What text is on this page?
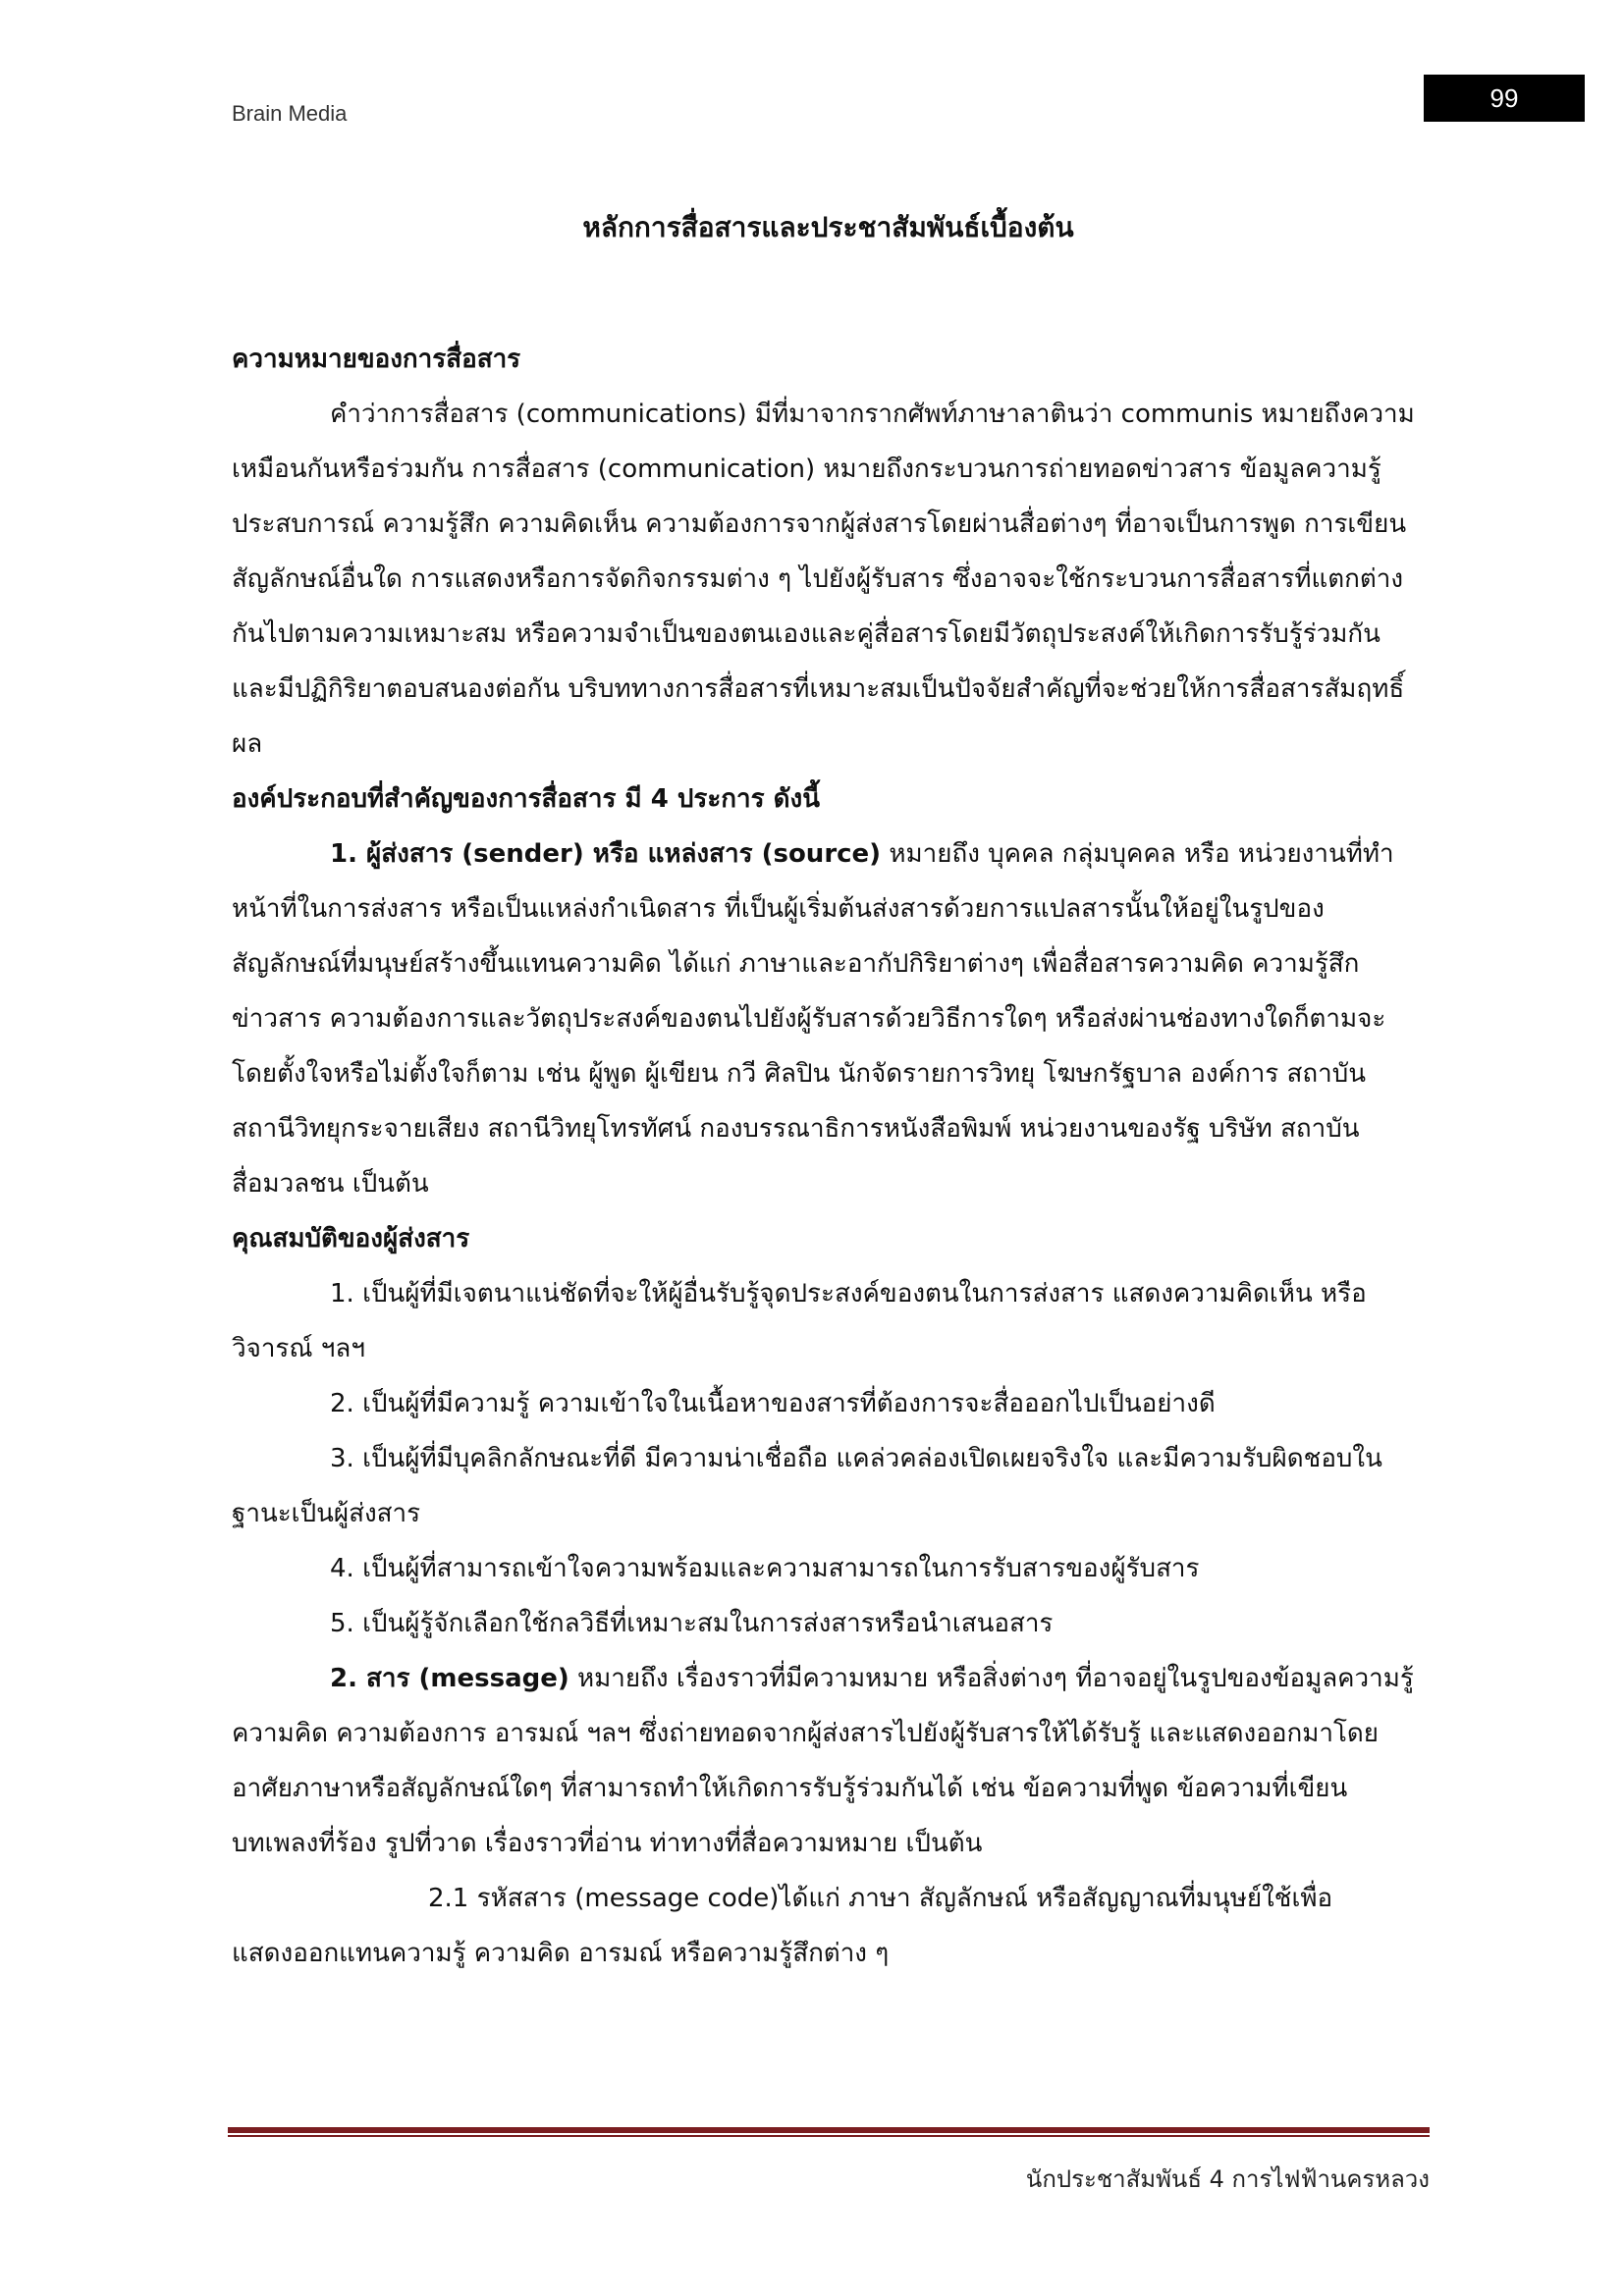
Brain Media
99
หลักการสื่อสารและประชาสัมพันธ์เบื้องต้น

ความหมายของการสื่อสาร

คำว่าการสื่อสาร (communications) มีที่มาจากรากศัพท์ภาษาลาตินว่า communis หมายถึงความเหมือนกันหรือร่วมกัน การสื่อสาร (communication) หมายถึงกระบวนการถ่ายทอดข่าวสาร ข้อมูลความรู้ ประสบการณ์ ความรู้สึก ความคิดเห็น ความต้องการจากผู้ส่งสารโดยผ่านสื่อต่างๆ ที่อาจเป็นการพูด การเขียน สัญลักษณ์อื่นใด การแสดงหรือการจัดกิจกรรมต่าง ๆ ไปยังผู้รับสาร ซึ่งอาจจะใช้กระบวนการสื่อสารที่แตกต่างกันไปตามความเหมาะสม หรือความจำเป็นของตนเองและคู่สื่อสารโดยมีวัตถุประสงค์ให้เกิดการรับรู้ร่วมกันและมีปฏิกิริยาตอบสนองต่อกัน บริบททางการสื่อสารที่เหมาะสมเป็นปัจจัยสำคัญที่จะช่วยให้การสื่อสารสัมฤทธิ์ผล

องค์ประกอบที่สำคัญของการสื่อสาร มี 4 ประการ ดังนี้

1. ผู้ส่งสาร (sender) หรือ แหล่งสาร (source) หมายถึง บุคคล กลุ่มบุคคล หรือ หน่วยงานที่ทำหน้าที่ในการส่งสาร หรือเป็นแหล่งกำเนิดสาร ที่เป็นผู้เริ่มต้นส่งสารด้วยการแปลสารนั้นให้อยู่ในรูปของสัญลักษณ์ที่มนุษย์สร้างขึ้นแทนความคิด ได้แก่ ภาษาและอากัปกิริยาต่างๆ เพื่อสื่อสารความคิด ความรู้สึก ข่าวสาร ความต้องการและวัตถุประสงค์ของตนไปยังผู้รับสารด้วยวิธีการใดๆ หรือส่งผ่านช่องทางใดก็ตามจะโดยตั้งใจหรือไม่ตั้งใจก็ตาม เช่น ผู้พูด ผู้เขียน กวี ศิลปิน นักจัดรายการวิทยุ โฆษกรัฐบาล องค์การ สถาบัน สถานีวิทยุกระจายเสียง สถานีวิทยุโทรทัศน์ กองบรรณาธิการหนังสือพิมพ์ หน่วยงานของรัฐ บริษัท สถาบันสื่อมวลชน เป็นต้น

คุณสมบัติของผู้ส่งสาร

1. เป็นผู้ที่มีเจตนาแน่ชัดที่จะให้ผู้อื่นรับรู้จุดประสงค์ของตนในการส่งสาร แสดงความคิดเห็น หรือวิจารณ์ ฯลฯ

2. เป็นผู้ที่มีความรู้ ความเข้าใจในเนื้อหาของสารที่ต้องการจะสื่อออกไปเป็นอย่างดี

3. เป็นผู้ที่มีบุคลิกลักษณะที่ดี มีความน่าเชื่อถือ แคล่วคล่องเปิดเผยจริงใจ และมีความรับผิดชอบในฐานะเป็นผู้ส่งสาร

4. เป็นผู้ที่สามารถเข้าใจความพร้อมและความสามารถในการรับสารของผู้รับสาร

5. เป็นผู้รู้จักเลือกใช้กลวิธีที่เหมาะสมในการส่งสารหรือนำเสนอสาร

2. สาร (message) หมายถึง เรื่องราวที่มีความหมาย หรือสิ่งต่างๆ ที่อาจอยู่ในรูปของข้อมูลความรู้ ความคิด ความต้องการ อารมณ์ ฯลฯ ซึ่งถ่ายทอดจากผู้ส่งสารไปยังผู้รับสารให้ได้รับรู้ และแสดงออกมาโดยอาศัยภาษาหรือสัญลักษณ์ใดๆ ที่สามารถทำให้เกิดการรับรู้ร่วมกันได้ เช่น ข้อความที่พูด ข้อความที่เขียน บทเพลงที่ร้อง รูปที่วาด เรื่องราวที่อ่าน ท่าทางที่สื่อความหมาย เป็นต้น

2.1 รหัสสาร (message code)ได้แก่ ภาษา สัญลักษณ์ หรือสัญญาณที่มนุษย์ใช้เพื่อแสดงออกแทนความรู้ ความคิด อารมณ์ หรือความรู้สึกต่าง ๆ

นักประชาสัมพันธ์ 4 การไฟฟ้านครหลวง
